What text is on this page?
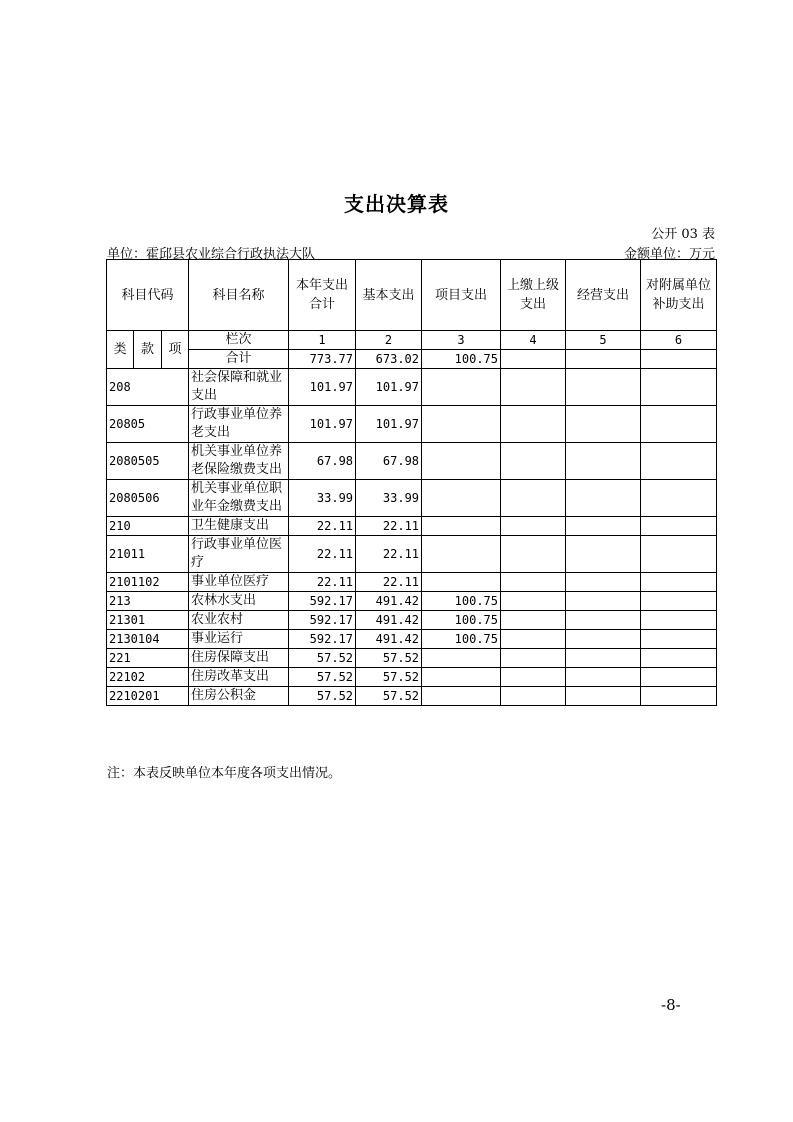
支出决算表
公开 03 表
单位：霍邱县农业综合行政执法大队	金额单位：万元
科目代码			科目名称	本年支出合计	基本支出	项目支出	上缴上级支出	经营支出	对附属单位补助支出
类	款	项	栏次	1	2	3	4	5	6
			合计	773.77	673.02	100.75			
208			社会保障和就业支出	101.97	101.97				
20805			行政事业单位养老支出	101.97	101.97				
2080505			机关事业单位养老保险缴费支出	67.98	67.98				
2080506			机关事业单位职业年金缴费支出	33.99	33.99				
210			卫生健康支出	22.11	22.11				
21011			行政事业单位医疗	22.11	22.11				
2101102			事业单位医疗	22.11	22.11				
213			农林水支出	592.17	491.42	100.75			
21301			农业农村	592.17	491.42	100.75			
2130104			事业运行	592.17	491.42	100.75			
221			住房保障支出	57.52	57.52				
22102			住房改革支出	57.52	57.52				
2210201			住房公积金	57.52	57.52				
注：本表反映单位本年度各项支出情况。
-8-
